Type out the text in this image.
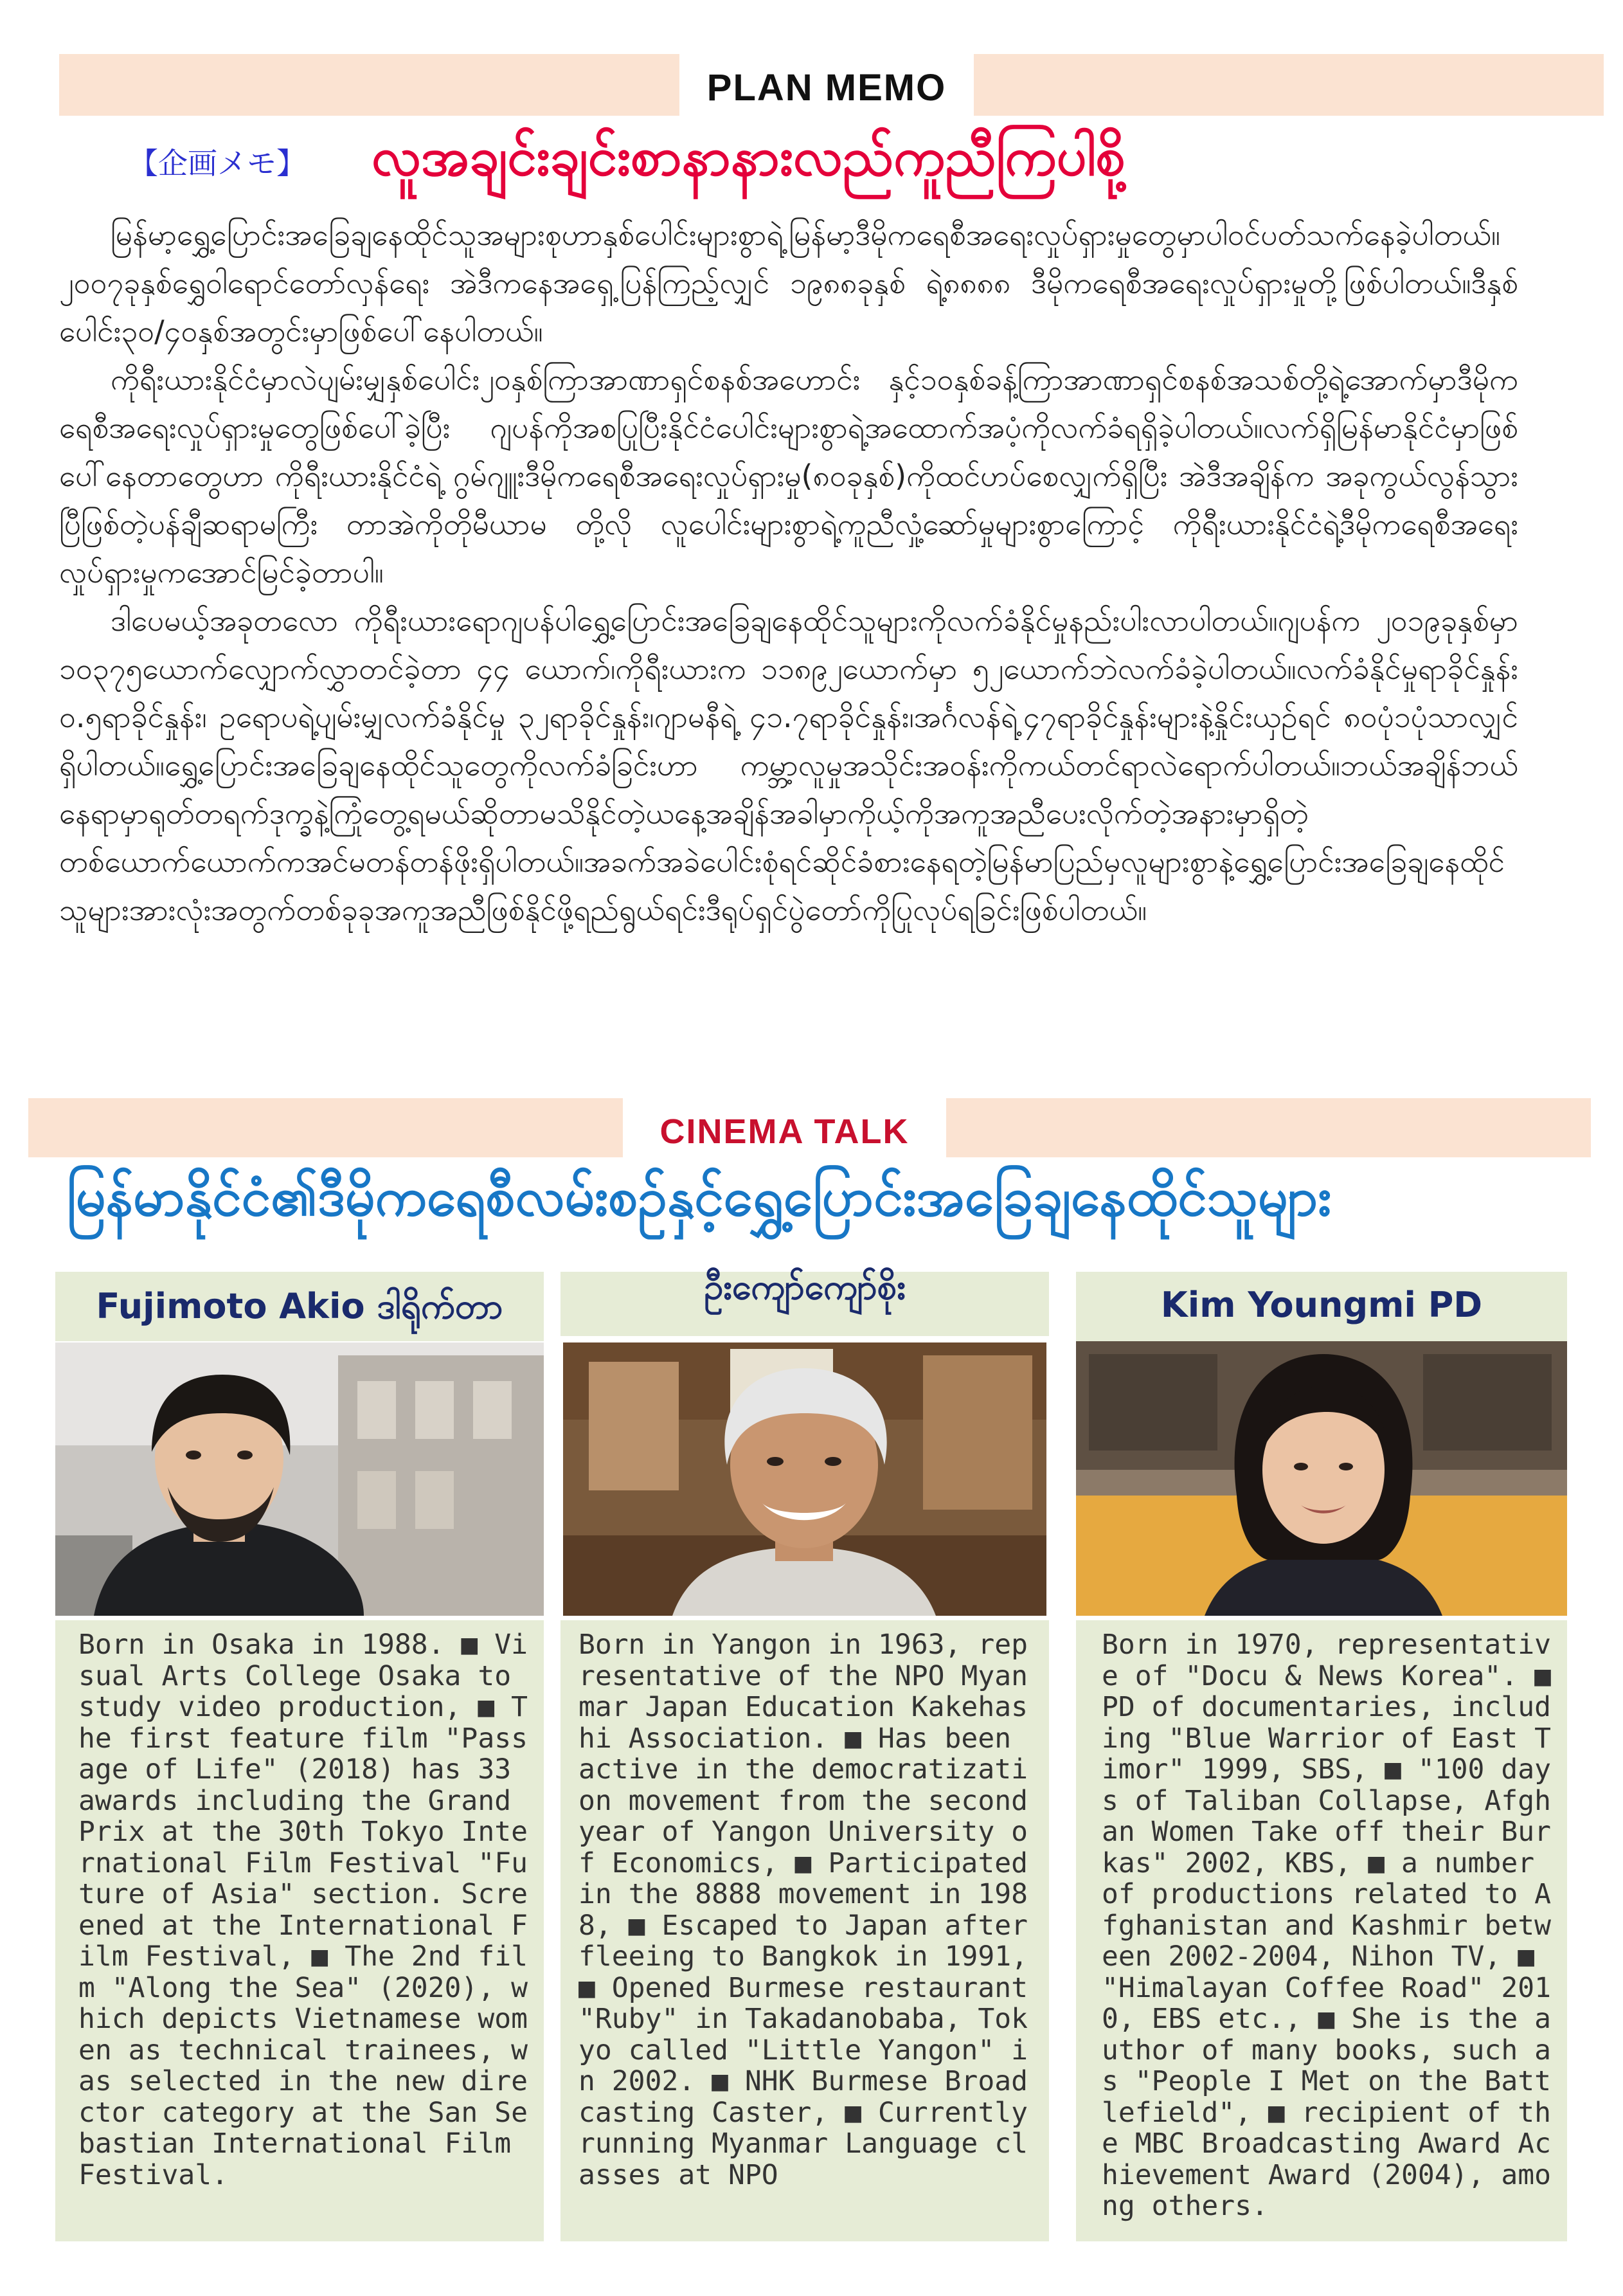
PLAN MEMO
【企画メモ】 လူအချင်းချင်းစာနာနားလည်ကူညီကြပါစို့

မြန်မာ့ရွှေ့ပြောင်းအခြေချနေထိုင်သူအများစုဟာနှစ်ပေါင်းများစွာရဲ့မြန်မာ့ဒီမိုကရေစီအရေးလှုပ်ရှားမှုတွေမှာပါဝင်ပတ်သက်နေခဲ့ပါတယ်။၂၀၀၇ခုနှစ်ရွှေဝါရောင်တော်လှန်ရေး အဲဒီကနေအရှေ့ပြန်ကြည့်လျှင် ၁၉၈၈ခုနှစ် ရဲ့၈၈၈၈ ဒီမိုကရေစီအရေးလှုပ်ရှားမှုတို့ဖြစ်ပါတယ်။ဒီနှစ်ပေါင်း၃၀/၄၀နှစ်အတွင်းမှာဖြစ်ပေါ်နေပါတယ်။

ကိုရီးယားနိုင်ငံမှာလဲပျမ်းမျှနှစ်ပေါင်း၂၀နှစ်ကြာအာဏာရှင်စနစ်အဟောင်း နှင့်၁၀နှစ်ခန့်ကြာအာဏာရှင်စနစ်အသစ်တို့ရဲ့အောက်မှာဒီမိုကရေစီအရေးလှုပ်ရှားမှုတွေဖြစ်ပေါ်ခဲ့ပြီး ဂျပန်ကိုအစပြုပြီးနိုင်ငံပေါင်းများစွာရဲ့အထောက်အပံ့ကိုလက်ခံရရှိခဲ့ပါတယ်။လက်ရှိမြန်မာနိုင်ငံမှာဖြစ်ပေါ်နေတာတွေဟာ ကိုရီးယားနိုင်ငံရဲ့ ဂွမ်ဂျူးဒီမိုကရေစီအရေးလှုပ်ရှားမှု(၈၀ခုနှစ်)ကိုထင်ဟပ်စေလျှက်ရှိပြီး အဲဒီအချိန်က အခုကွယ်လွန်သွားပြီဖြစ်တဲ့ပန်ချီဆရာမကြီး တာအဲကိုတိုမီယာမ တို့လို လူပေါင်းများစွာရဲ့ကူညီလှုံ့ဆော်မှုများစွာကြောင့် ကိုရီးယားနိုင်ငံရဲ့ဒီမိုကရေစီအရေးလှုပ်ရှားမှုကအောင်မြင်ခဲ့တာပါ။

ဒါပေမယ့်အခုတလော ကိုရီးယားရောဂျပန်ပါရွှေ့ပြောင်းအခြေချနေထိုင်သူများကိုလက်ခံနိုင်မှုနည်းပါးလာပါတယ်။ဂျပန်က ၂၀၁၉ခုနှစ်မှာ ၁၀၃၇၅ယောက်လျှောက်လွှာတင်ခဲ့တာ ၄၄ ယောက်၊ကိုရီးယားက ၁၁၈၉၂ယောက်မှာ ၅၂ယောက်ဘဲလက်ခံခဲ့ပါတယ်။လက်ခံနိုင်မှုရာခိုင်နှုန်း ၀.၅ရာခိုင်နှုန်း၊ ဥရောပရဲ့ပျမ်းမျှလက်ခံနိုင်မှု ၃၂ရာခိုင်နှုန်း၊ဂျာမနီရဲ့ ၄၁.၇ရာခိုင်နှုန်း၊အင်္ဂလန်ရဲ့၄၇ရာခိုင်နှုန်းများနဲ့နှိုင်းယှဉ်ရင် ၈၀ပုံ၁ပုံသာလျှင်ရှိပါတယ်။ရွှေ့ပြောင်းအခြေချနေထိုင်သူတွေကိုလက်ခံခြင်းဟာ ကမ္ဘာ့လူမှုအသိုင်းအဝန်းကိုကယ်တင်ရာလဲရောက်ပါတယ်။ဘယ်အချိန်ဘယ်နေရာမှာရုတ်တရက်ဒုက္ခနဲ့ကြုံတွေ့ရမယ်ဆိုတာမသိနိုင်တဲ့ယနေ့အချိန်အခါမှာကိုယ့်ကိုအကူအညီပေးလိုက်တဲ့အနားမှာရှိတဲ့တစ်ယောက်ယောက်ကအင်မတန်တန်ဖိုးရှိပါတယ်။အခက်အခဲပေါင်းစုံရင်ဆိုင်ခံစားနေရတဲ့မြန်မာပြည်မှလူများစွာနဲ့ရွှေ့ပြောင်းအခြေချနေထိုင်သူများအားလုံးအတွက်တစ်ခုခုအကူအညီဖြစ်နိုင်ဖို့ရည်ရွယ်ရင်းဒီရုပ်ရှင်ပွဲတော်ကိုပြုလုပ်ရခြင်းဖြစ်ပါတယ်။

CINEMA TALK
မြန်မာနိုင်ငံ၏ဒီမိုကရေစီလမ်းစဉ်နှင့်ရွှေ့ပြောင်းအခြေချနေထိုင်သူများ
Fujimoto Akio ဒါရိုက်တာ
Born in Osaka in 1988. ■ Visual Arts College Osaka to study video production, ■ The first feature film "Passage of Life" (2018) has 33 awards including the Grand Prix at the 30th Tokyo International Film Festival "Future of Asia" section. Screened at the International Film Festival, ■ The 2nd film "Along the Sea" (2020), which depicts Vietnamese women as technical trainees, was selected in the new director category at the San Sebastian International Film Festival.
ဦးကျော်ကျော်စိုး
Born in Yangon in 1963, representative of the NPO Myanmar Japan Education Kakehashi Association. ■ Has been active in the democratization movement from the second year of Yangon University of Economics, ■ Participated in the 8888 movement in 1988, ■ Escaped to Japan after fleeing to Bangkok in 1991, ■ Opened Burmese restaurant "Ruby" in Takadanobaba, Tokyo called "Little Yangon" in 2002. ■ NHK Burmese Broadcasting Caster, ■ Currently running Myanmar Language classes at NPO
Kim Youngmi PD
Born in 1970, representative of "Docu & News Korea". ■ PD of documentaries, including "Blue Warrior of East Timor" 1999, SBS, ■ "100 days of Taliban Collapse, Afghan Women Take off their Burkas" 2002, KBS, ■ a number of productions related to Afghanistan and Kashmir between 2002-2004, Nihon TV, ■ "Himalayan Coffee Road" 2010, EBS etc., ■ She is the author of many books, such as "People I Met on the Battlefield", ■ recipient of the MBC Broadcasting Award Achievement Award (2004), among others.
